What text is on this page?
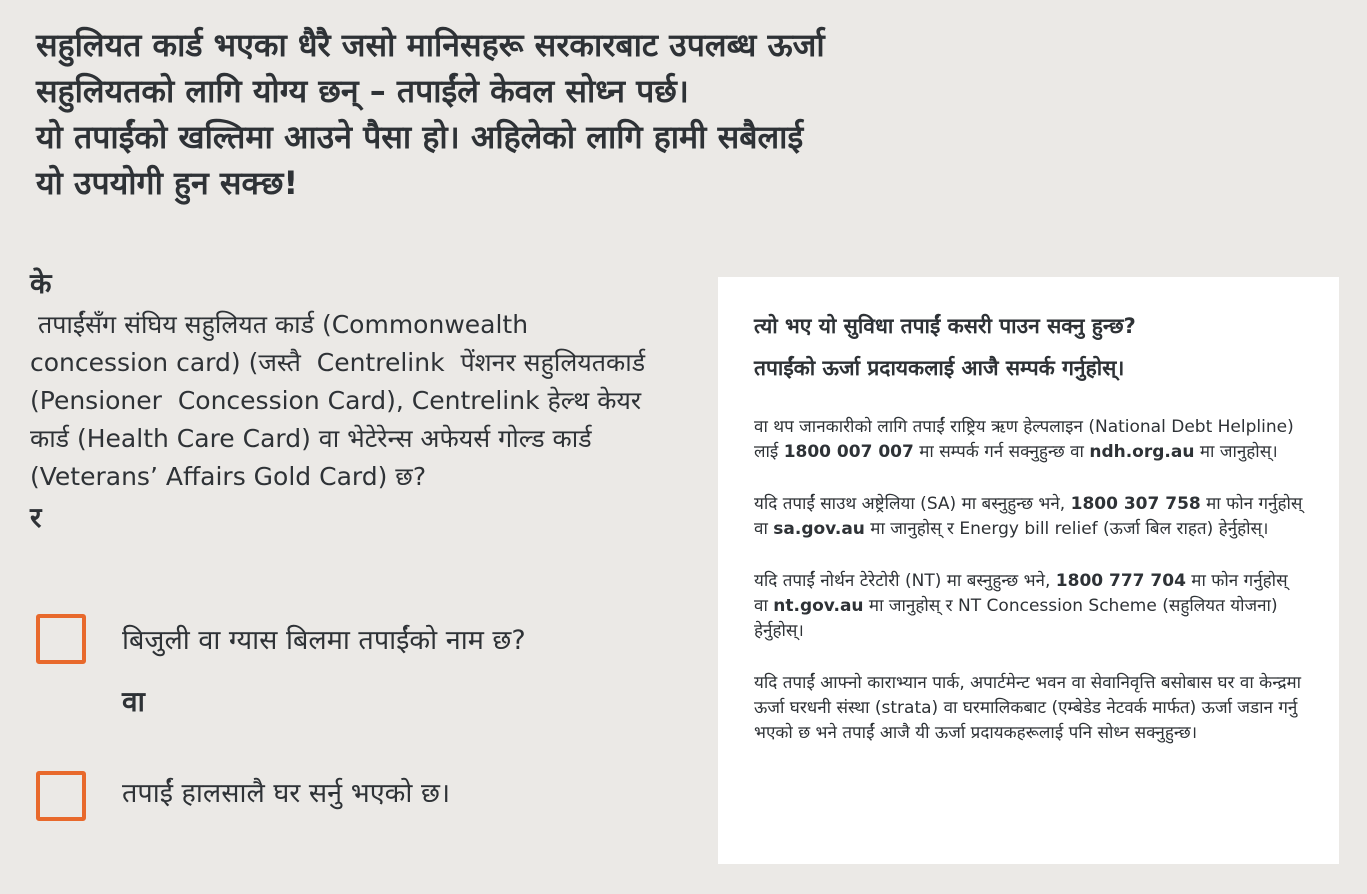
सहुलियत कार्ड भएका धैरै जसो मानिसहरू सरकारबाट उपलब्ध ऊर्जा

सहुलियतको लागि योग्य छन् – तपाईंले केवल सोध्न पर्छ।

यो तपाईंको खल्तिमा आउने पैसा हो। अहिलेको लागि हामी सबैलाई

यो उपयोगी हुन सक्छ!

के

तपाईंसँग संघिय सहुलियत कार्ड (Commonwealth concession card) (जस्तै  Centrelink  पेंशनर सहुलियतकार्ड (Pensioner  Concession Card), Centrelink हेल्थ केयर कार्ड (Health Care Card) वा भेटेरेन्स अफेयर्स गोल्ड कार्ड (Veterans’ Affairs Gold Card) छ?

र

बिजुली वा ग्यास बिलमा तपाईंको नाम छ?
वा
तपाईं हालसालै घर सर्नु भएको छ।

त्यो भए यो सुविधा तपाईं कसरी पाउन सक्नु हुन्छ?

तपाईंको ऊर्जा प्रदायकलाई आजै सम्पर्क गर्नुहोस्।

वा थप जानकारीको लागि तपाईं राष्ट्रिय ऋण हेल्पलाइन (National Debt Helpline) लाई 1800 007 007 मा सम्पर्क गर्न सक्नुहुन्छ वा ndh.org.au मा जानुहोस्।

यदि तपाईं साउथ अष्ट्रेलिया (SA) मा बस्नुहुन्छ भने, 1800 307 758 मा फोन गर्नुहोस् वा sa.gov.au मा जानुहोस् र Energy bill relief (ऊर्जा बिल राहत) हेर्नुहोस्।

यदि तपाईं नोर्थन टेरेटोरी (NT) मा बस्नुहुन्छ भने, 1800 777 704 मा फोन गर्नुहोस् वा nt.gov.au मा जानुहोस् र NT Concession Scheme (सहुलियत योजना) हेर्नुहोस्।

यदि तपाईं आफ्नो काराभ्यान पार्क, अपार्टमेन्ट भवन वा सेवानिवृत्ति बसोबास घर वा केन्द्रमा ऊर्जा घरधनी संस्था (strata) वा घरमालिकबाट (एम्बेडेड नेटवर्क मार्फत) ऊर्जा जडान गर्नु भएको छ भने तपाईं आजै यी ऊर्जा प्रदायकहरूलाई पनि सोध्न सक्नुहुन्छ।
